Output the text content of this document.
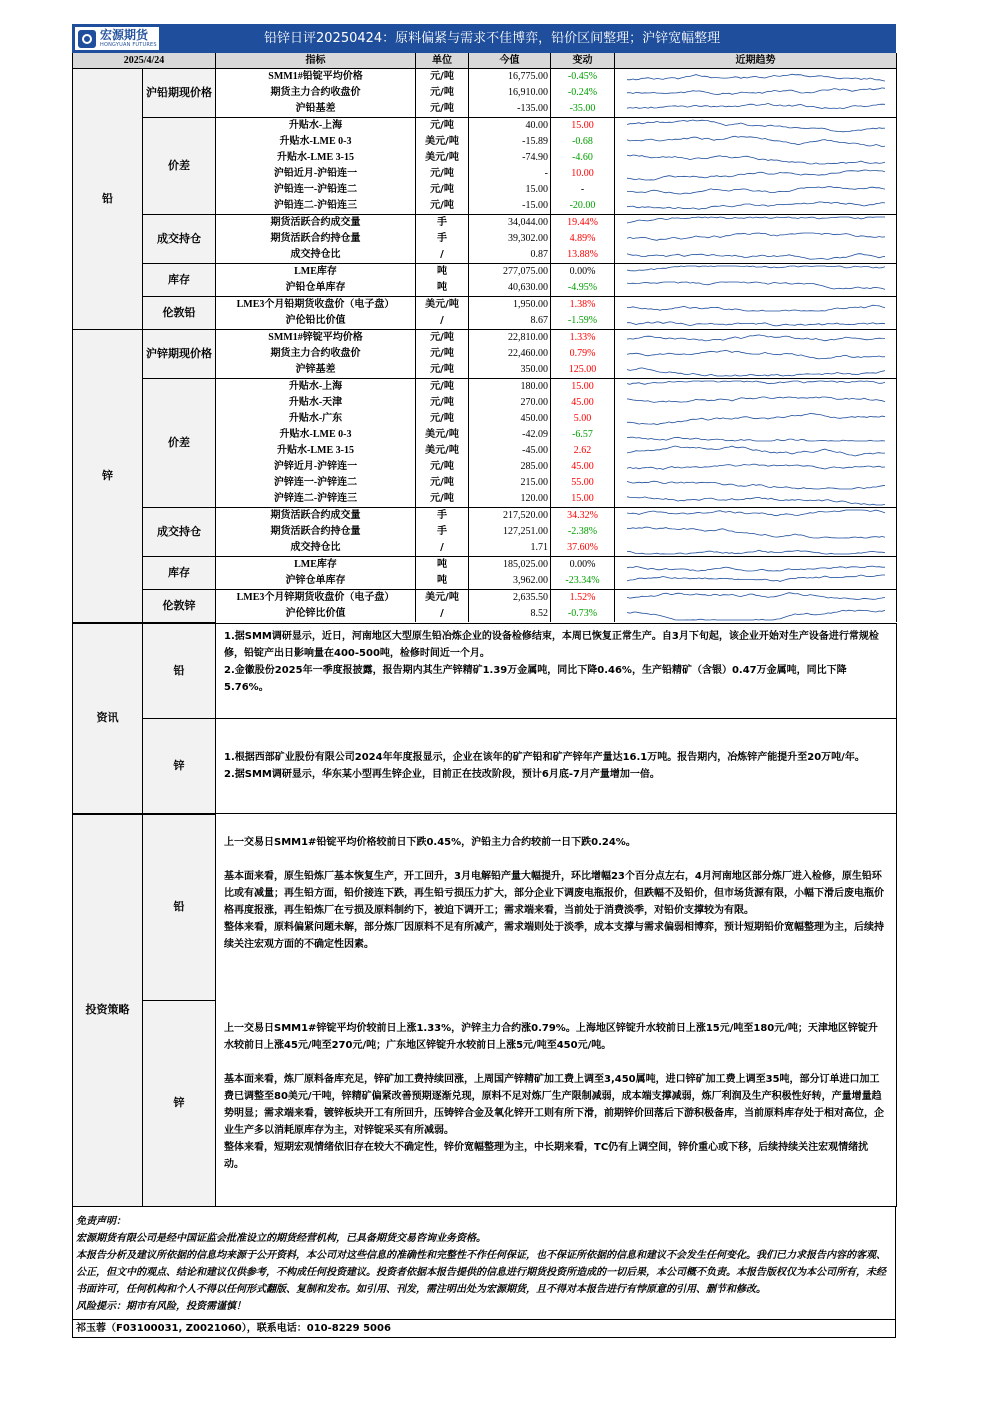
宏源期货
HONGYUAN FUTURES	铅锌日评20250424：原料偏紧与需求不佳博弈，铅价区间整理；沪锌宽幅整理
2025/4/24		指标	单位	今值	变动	近期趋势
铅	沪铅期现价格	SMM1#铅锭平均价格	元/吨	16,775.00	-0.45%	

		期货主力合约收盘价	元/吨	16,910.00	-0.24%	

		沪铅基差	元/吨	-135.00	-35.00	

	价差	升贴水-上海	元/吨	40.00	15.00	

		升贴水-LME 0-3	美元/吨	-15.89	-0.68	

		升贴水-LME 3-15	美元/吨	-74.90	-4.60	

		沪铅近月-沪铅连一	元/吨	-	10.00	

		沪铅连一-沪铅连二	元/吨	15.00	-	

		沪铅连二-沪铅连三	元/吨	-15.00	-20.00	

	成交持仓	期货活跃合约成交量	手	34,044.00	19.44%	

		期货活跃合约持仓量	手	39,302.00	4.89%	

		成交持仓比	/	0.87	13.88%	

	库存	LME库存	吨	277,075.00	0.00%	

		沪铅仓单库存	吨	40,630.00	-4.95%	

	伦敦铅	LME3个月铅期货收盘价（电子盘）	美元/吨	1,950.00	1.38%	

		沪伦铅比价值	/	8.67	-1.59%	

锌	沪锌期现价格	SMM1#锌锭平均价格	元/吨	22,810.00	1.33%	

		期货主力合约收盘价	元/吨	22,460.00	0.79%	

		沪锌基差	元/吨	350.00	125.00	

	价差	升贴水-上海	元/吨	180.00	15.00	

		升贴水-天津	元/吨	270.00	45.00	

		升贴水-广东	元/吨	450.00	5.00	

		升贴水-LME 0-3	美元/吨	-42.09	-6.57	

		升贴水-LME 3-15	美元/吨	-45.00	2.62	

		沪锌近月-沪锌连一	元/吨	285.00	45.00	

		沪锌连一-沪锌连二	元/吨	215.00	55.00	

		沪锌连二-沪锌连三	元/吨	120.00	15.00	

	成交持仓	期货活跃合约成交量	手	217,520.00	34.32%	

		期货活跃合约持仓量	手	127,251.00	-2.38%	

		成交持仓比	/	1.71	37.60%	

	库存	LME库存	吨	185,025.00	0.00%	

		沪锌仓单库存	吨	3,962.00	-23.34%	

	伦敦锌	LME3个月锌期货收盘价（电子盘）	美元/吨	2,635.50	1.52%	

		沪伦锌比价值	/	8.52	-0.73%	
资讯	铅	1.据SMM调研显示，近日，河南地区大型原生铅冶炼企业的设备检修结束，本周已恢复正常生产。自3月下旬起，该企业开始对生产设备进行常规检修，铅锭产出日影响量在400-500吨，检修时间近一个月。

2.金徽股份2025年一季度报披露，报告期内其生产锌精矿1.39万金属吨，同比下降0.46%，生产铅精矿（含银）0.47万金属吨，同比下降5.76%。

	锌	1.根据西部矿业股份有限公司2024年年度报显示，企业在该年的矿产铅和矿产锌年产量达16.1万吨。报告期内，冶炼锌产能提升至20万吨/年。

2.据SMM调研显示，华东某小型再生锌企业，目前正在技改阶段，预计6月底-7月产量增加一倍。

投资策略	铅	上一交易日SMM1#铅锭平均价格较前日下跌0.45%，沪铅主力合约较前一日下跌0.24%。

基本面来看，原生铅炼厂基本恢复生产，开工回升，3月电解铅产量大幅提升，环比增幅23个百分点左右，4月河南地区部分炼厂进入检修，原生铅环比或有减量；再生铅方面，铅价接连下跌，再生铅亏损压力扩大，部分企业下调废电瓶报价，但跌幅不及铅价，但市场货源有限，小幅下滑后废电瓶价格再度报涨，再生铅炼厂在亏损及原料制约下，被迫下调开工；需求端来看，当前处于消费淡季，对铅价支撑较为有限。

整体来看，原料偏紧问题未解，部分炼厂因原料不足有所减产，需求端则处于淡季，成本支撑与需求偏弱相博弈，预计短期铅价宽幅整理为主，后续持续关注宏观方面的不确定性因素。

	锌	上一交易日SMM1#锌锭平均价较前日上涨1.33%，沪锌主力合约涨0.79%。上海地区锌锭升水较前日上涨15元/吨至180元/吨；天津地区锌锭升水较前日上涨45元/吨至270元/吨；广东地区锌锭升水较前日上涨5元/吨至450元/吨。

基本面来看，炼厂原料备库充足，锌矿加工费持续回涨，上周国产锌精矿加工费上调至3,450属吨，进口锌矿加工费上调至35吨，部分订单进口加工费已调整至80美元/干吨，锌精矿偏紧改善预期逐渐兑现，原料不足对炼厂生产限制减弱，成本端支撑减弱，炼厂利润及生产积极性好转，产量增量趋势明显；需求端来看，镀锌板块开工有所回升，压铸锌合金及氧化锌开工则有所下滑，前期锌价回落后下游积极备库，当前原料库存处于相对高位，企业生产多以消耗原库存为主，对锌锭采买有所减弱。

整体来看，短期宏观情绪依旧存在较大不确定性，锌价宽幅整理为主，中长期来看，TC仍有上调空间，锌价重心或下移，后续持续关注宏观情绪扰动。

免责声明：

宏源期货有限公司是经中国证监会批准设立的期货经营机构，已具备期货交易咨询业务资格。

本报告分析及建议所依据的信息均来源于公开资料，本公司对这些信息的准确性和完整性不作任何保证，也不保证所依据的信息和建议不会发生任何变化。我们已力求报告内容的客观、公正，但文中的观点、结论和建议仅供参考，不构成任何投资建议。投资者依据本报告提供的信息进行期货投资所造成的一切后果，本公司概不负责。本报告版权仅为本公司所有，未经书面许可，任何机构和个人不得以任何形式翻版、复制和发布。如引用、刊发，需注明出处为宏源期货，且不得对本报告进行有悖原意的引用、删节和修改。

风险提示：期市有风险，投资需谨慎！

祁玉蓉（F03100031, Z0021060），联系电话：010-8229 5006
